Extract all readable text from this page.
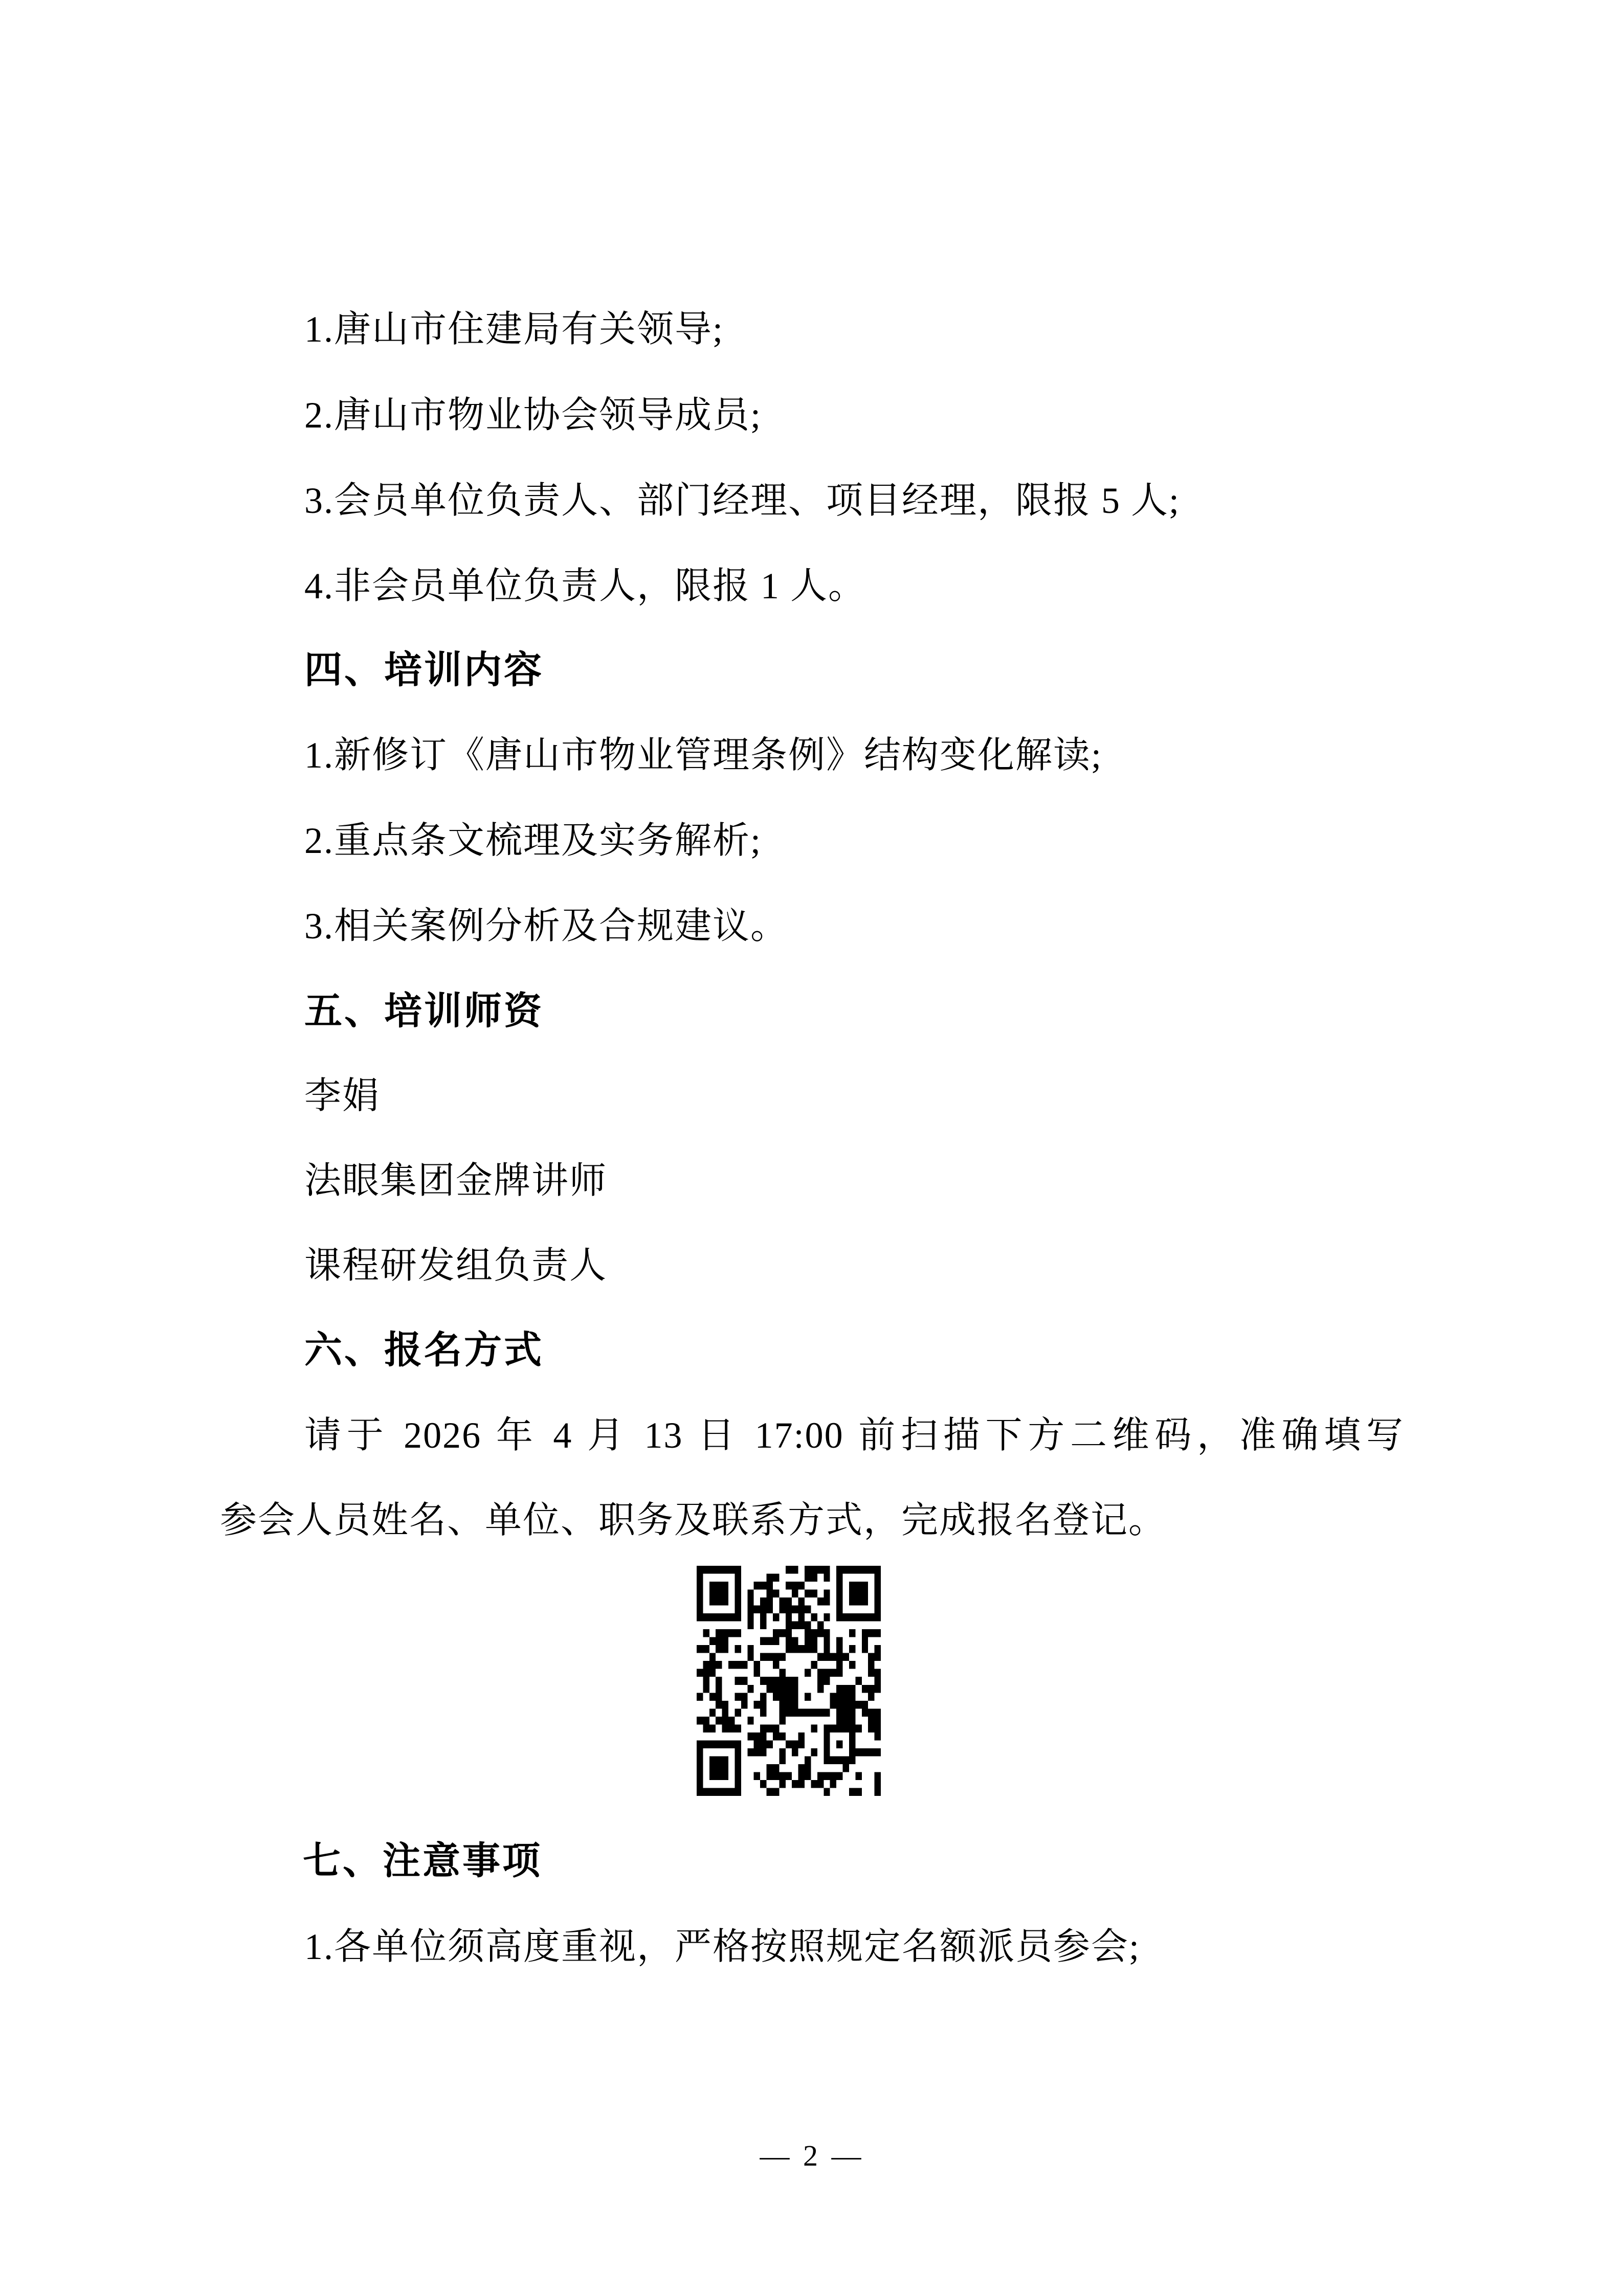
1.唐山市住建局有关领导;
2.唐山市物业协会领导成员;
3.会员单位负责人、部门经理、项目经理，限报 5 人;
4.非会员单位负责人，限报 1 人。
四、培训内容
1.新修订《唐山市物业管理条例》结构变化解读;
2.重点条文梳理及实务解析;
3.相关案例分析及合规建议。
五、培训师资
李娟
法眼集团金牌讲师
课程研发组负责人
六、报名方式
请于 2026 年 4 月 13 日 17:00 前扫描下方二维码，准确填写
参会人员姓名、单位、职务及联系方式，完成报名登记。
七、注意事项
1.各单位须高度重视，严格按照规定名额派员参会;
— 2 —
